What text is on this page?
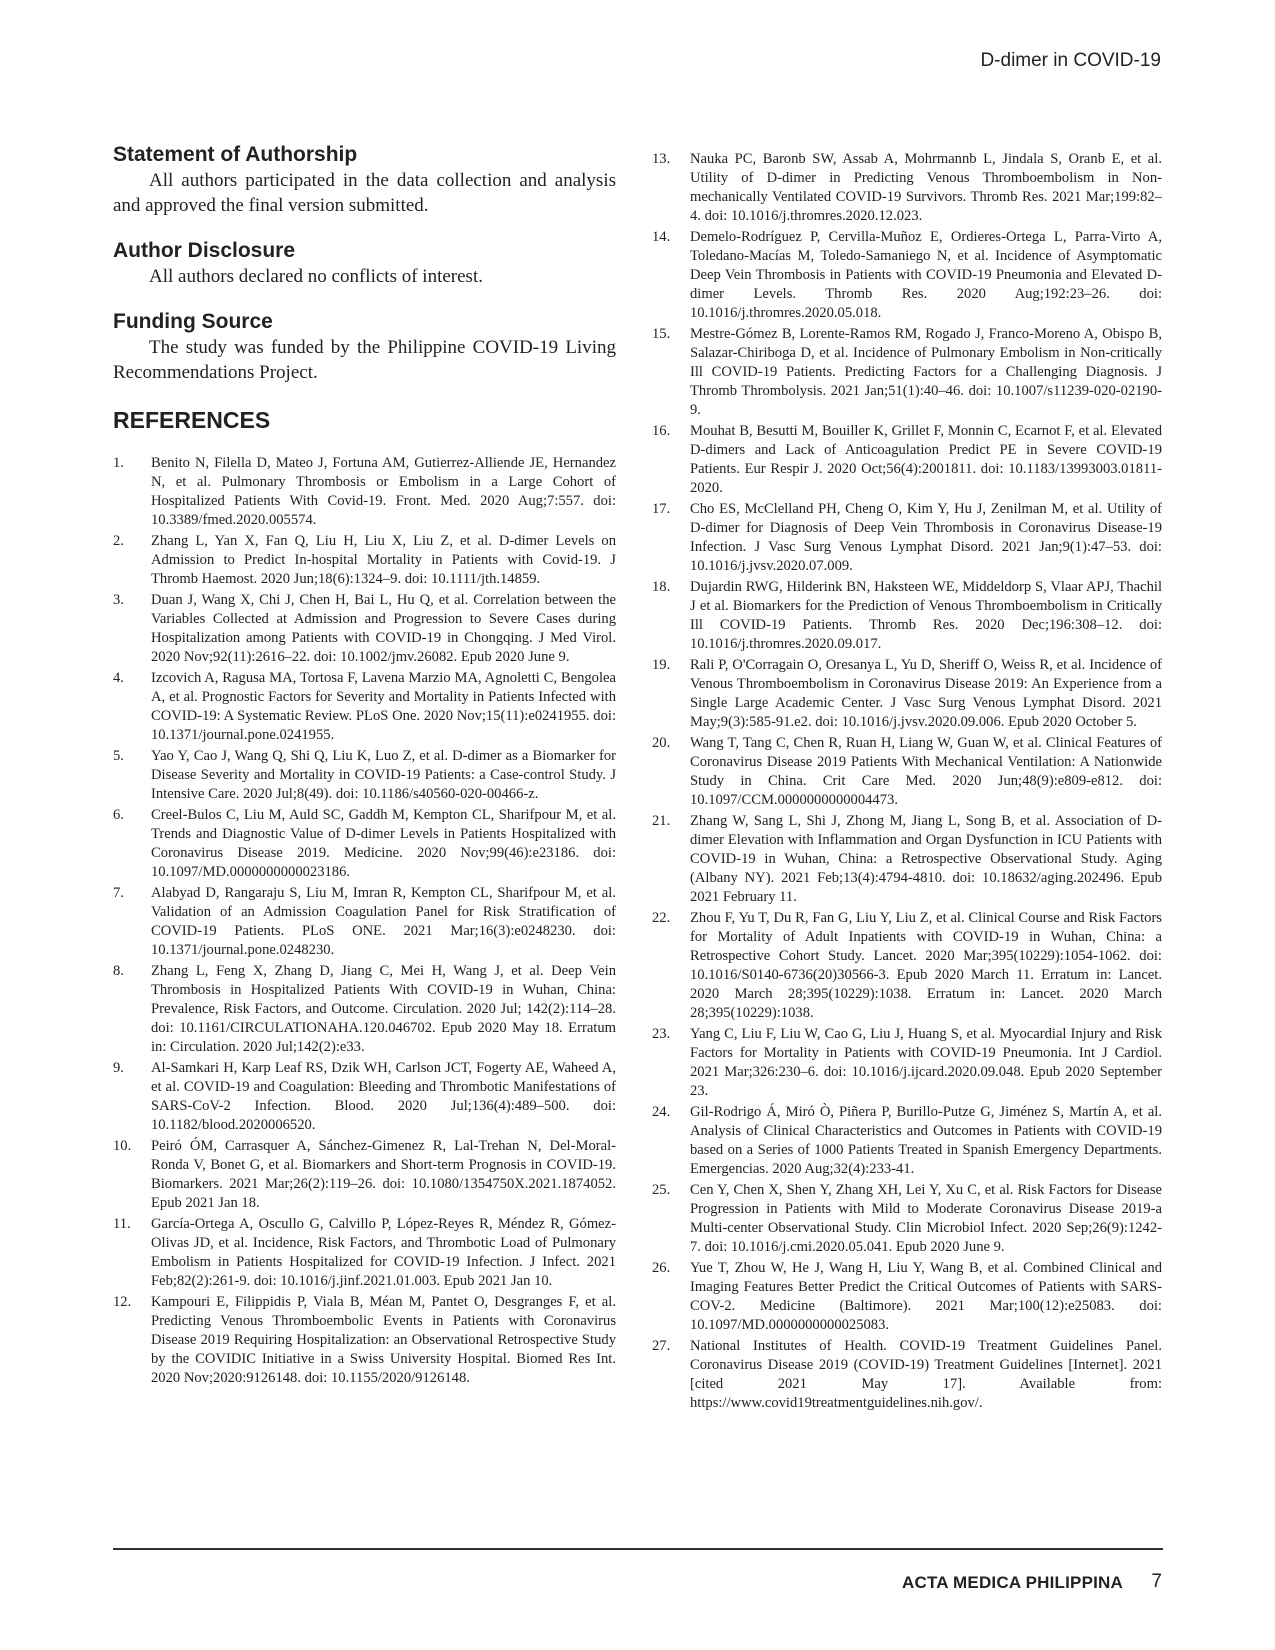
D-dimer in COVID-19
Statement of Authorship

All authors participated in the data collection and analysis and approved the final version submitted.

Author Disclosure

All authors declared no conflicts of interest.

Funding Source

The study was funded by the Philippine COVID-19 Living Recommendations Project.

REFERENCES
1. Benito N, Filella D, Mateo J, Fortuna AM, Gutierrez-Alliende JE, Hernandez N, et al. Pulmonary Thrombosis or Embolism in a Large Cohort of Hospitalized Patients With Covid-19. Front. Med. 2020 Aug;7:557. doi: 10.3389/fmed.2020.005574.
2. Zhang L, Yan X, Fan Q, Liu H, Liu X, Liu Z, et al. D-dimer Levels on Admission to Predict In-hospital Mortality in Patients with Covid-19. J Thromb Haemost. 2020 Jun;18(6):1324–9. doi: 10.1111/jth.14859.
3. Duan J, Wang X, Chi J, Chen H, Bai L, Hu Q, et al. Correlation between the Variables Collected at Admission and Progression to Severe Cases during Hospitalization among Patients with COVID-19 in Chongqing. J Med Virol. 2020 Nov;92(11):2616–22. doi: 10.1002/jmv.26082. Epub 2020 June 9.
4. Izcovich A, Ragusa MA, Tortosa F, Lavena Marzio MA, Agnoletti C, Bengolea A, et al. Prognostic Factors for Severity and Mortality in Patients Infected with COVID-19: A Systematic Review. PLoS One. 2020 Nov;15(11):e0241955. doi: 10.1371/journal.pone.0241955.
5. Yao Y, Cao J, Wang Q, Shi Q, Liu K, Luo Z, et al. D-dimer as a Biomarker for Disease Severity and Mortality in COVID-19 Patients: a Case-control Study. J Intensive Care. 2020 Jul;8(49). doi: 10.1186/s40560-020-00466-z.
6. Creel-Bulos C, Liu M, Auld SC, Gaddh M, Kempton CL, Sharifpour M, et al. Trends and Diagnostic Value of D-dimer Levels in Patients Hospitalized with Coronavirus Disease 2019. Medicine. 2020 Nov;99(46):e23186. doi: 10.1097/MD.0000000000023186.
7. Alabyad D, Rangaraju S, Liu M, Imran R, Kempton CL, Sharifpour M, et al. Validation of an Admission Coagulation Panel for Risk Stratification of COVID-19 Patients. PLoS ONE. 2021 Mar;16(3):e0248230. doi: 10.1371/journal.pone.0248230.
8. Zhang L, Feng X, Zhang D, Jiang C, Mei H, Wang J, et al. Deep Vein Thrombosis in Hospitalized Patients With COVID-19 in Wuhan, China: Prevalence, Risk Factors, and Outcome. Circulation. 2020 Jul; 142(2):114–28. doi: 10.1161/CIRCULATIONAHA.120.046702. Epub 2020 May 18. Erratum in: Circulation. 2020 Jul;142(2):e33.
9. Al-Samkari H, Karp Leaf RS, Dzik WH, Carlson JCT, Fogerty AE, Waheed A, et al. COVID-19 and Coagulation: Bleeding and Thrombotic Manifestations of SARS-CoV-2 Infection. Blood. 2020 Jul;136(4):489–500. doi: 10.1182/blood.2020006520.
10. Peiró ÓM, Carrasquer A, Sánchez-Gimenez R, Lal-Trehan N, Del-Moral-Ronda V, Bonet G, et al. Biomarkers and Short-term Prognosis in COVID-19. Biomarkers. 2021 Mar;26(2):119–26. doi: 10.1080/1354750X.2021.1874052. Epub 2021 Jan 18.
11. García-Ortega A, Oscullo G, Calvillo P, López-Reyes R, Méndez R, Gómez-Olivas JD, et al. Incidence, Risk Factors, and Thrombotic Load of Pulmonary Embolism in Patients Hospitalized for COVID-19 Infection. J Infect. 2021 Feb;82(2):261-9. doi: 10.1016/j.jinf.2021.01.003. Epub 2021 Jan 10.
12. Kampouri E, Filippidis P, Viala B, Méan M, Pantet O, Desgranges F, et al. Predicting Venous Thromboembolic Events in Patients with Coronavirus Disease 2019 Requiring Hospitalization: an Observational Retrospective Study by the COVIDIC Initiative in a Swiss University Hospital. Biomed Res Int. 2020 Nov;2020:9126148. doi: 10.1155/2020/9126148.
13. Nauka PC, Baronb SW, Assab A, Mohrmannb L, Jindala S, Oranb E, et al. Utility of D-dimer in Predicting Venous Thromboembolism in Non-mechanically Ventilated COVID-19 Survivors. Thromb Res. 2021 Mar;199:82–4. doi: 10.1016/j.thromres.2020.12.023.
14. Demelo-Rodríguez P, Cervilla-Muñoz E, Ordieres-Ortega L, Parra-Virto A, Toledano-Macías M, Toledo-Samaniego N, et al. Incidence of Asymptomatic Deep Vein Thrombosis in Patients with COVID-19 Pneumonia and Elevated D-dimer Levels. Thromb Res. 2020 Aug;192:23–26. doi: 10.1016/j.thromres.2020.05.018.
15. Mestre-Gómez B, Lorente-Ramos RM, Rogado J, Franco-Moreno A, Obispo B, Salazar-Chiriboga D, et al. Incidence of Pulmonary Embolism in Non-critically Ill COVID-19 Patients. Predicting Factors for a Challenging Diagnosis. J Thromb Thrombolysis. 2021 Jan;51(1):40–46. doi: 10.1007/s11239-020-02190-9.
16. Mouhat B, Besutti M, Bouiller K, Grillet F, Monnin C, Ecarnot F, et al. Elevated D-dimers and Lack of Anticoagulation Predict PE in Severe COVID-19 Patients. Eur Respir J. 2020 Oct;56(4):2001811. doi: 10.1183/13993003.01811-2020.
17. Cho ES, McClelland PH, Cheng O, Kim Y, Hu J, Zenilman M, et al. Utility of D-dimer for Diagnosis of Deep Vein Thrombosis in Coronavirus Disease-19 Infection. J Vasc Surg Venous Lymphat Disord. 2021 Jan;9(1):47–53. doi: 10.1016/j.jvsv.2020.07.009.
18. Dujardin RWG, Hilderink BN, Haksteen WE, Middeldorp S, Vlaar APJ, Thachil J et al. Biomarkers for the Prediction of Venous Thromboembolism in Critically Ill COVID-19 Patients. Thromb Res. 2020 Dec;196:308–12. doi: 10.1016/j.thromres.2020.09.017.
19. Rali P, O'Corragain O, Oresanya L, Yu D, Sheriff O, Weiss R, et al. Incidence of Venous Thromboembolism in Coronavirus Disease 2019: An Experience from a Single Large Academic Center. J Vasc Surg Venous Lymphat Disord. 2021 May;9(3):585-91.e2. doi: 10.1016/j.jvsv.2020.09.006. Epub 2020 October 5.
20. Wang T, Tang C, Chen R, Ruan H, Liang W, Guan W, et al. Clinical Features of Coronavirus Disease 2019 Patients With Mechanical Ventilation: A Nationwide Study in China. Crit Care Med. 2020 Jun;48(9):e809-e812. doi: 10.1097/CCM.0000000000004473.
21. Zhang W, Sang L, Shi J, Zhong M, Jiang L, Song B, et al. Association of D-dimer Elevation with Inflammation and Organ Dysfunction in ICU Patients with COVID-19 in Wuhan, China: a Retrospective Observational Study. Aging (Albany NY). 2021 Feb;13(4):4794-4810. doi: 10.18632/aging.202496. Epub 2021 February 11.
22. Zhou F, Yu T, Du R, Fan G, Liu Y, Liu Z, et al. Clinical Course and Risk Factors for Mortality of Adult Inpatients with COVID-19 in Wuhan, China: a Retrospective Cohort Study. Lancet. 2020 Mar;395(10229):1054-1062. doi: 10.1016/S0140-6736(20)30566-3. Epub 2020 March 11. Erratum in: Lancet. 2020 March 28;395(10229):1038. Erratum in: Lancet. 2020 March 28;395(10229):1038.
23. Yang C, Liu F, Liu W, Cao G, Liu J, Huang S, et al. Myocardial Injury and Risk Factors for Mortality in Patients with COVID-19 Pneumonia. Int J Cardiol. 2021 Mar;326:230–6. doi: 10.1016/j.ijcard.2020.09.048. Epub 2020 September 23.
24. Gil-Rodrigo Á, Miró Ò, Piñera P, Burillo-Putze G, Jiménez S, Martín A, et al. Analysis of Clinical Characteristics and Outcomes in Patients with COVID-19 based on a Series of 1000 Patients Treated in Spanish Emergency Departments. Emergencias. 2020 Aug;32(4):233-41.
25. Cen Y, Chen X, Shen Y, Zhang XH, Lei Y, Xu C, et al. Risk Factors for Disease Progression in Patients with Mild to Moderate Coronavirus Disease 2019-a Multi-center Observational Study. Clin Microbiol Infect. 2020 Sep;26(9):1242-7. doi: 10.1016/j.cmi.2020.05.041. Epub 2020 June 9.
26. Yue T, Zhou W, He J, Wang H, Liu Y, Wang B, et al. Combined Clinical and Imaging Features Better Predict the Critical Outcomes of Patients with SARS-COV-2. Medicine (Baltimore). 2021 Mar;100(12):e25083. doi: 10.1097/MD.0000000000025083.
27. National Institutes of Health. COVID-19 Treatment Guidelines Panel. Coronavirus Disease 2019 (COVID-19) Treatment Guidelines [Internet]. 2021 [cited 2021 May 17]. Available from: https://www.covid19treatmentguidelines.nih.gov/.
ACTA MEDICA PHILIPPINA 7
